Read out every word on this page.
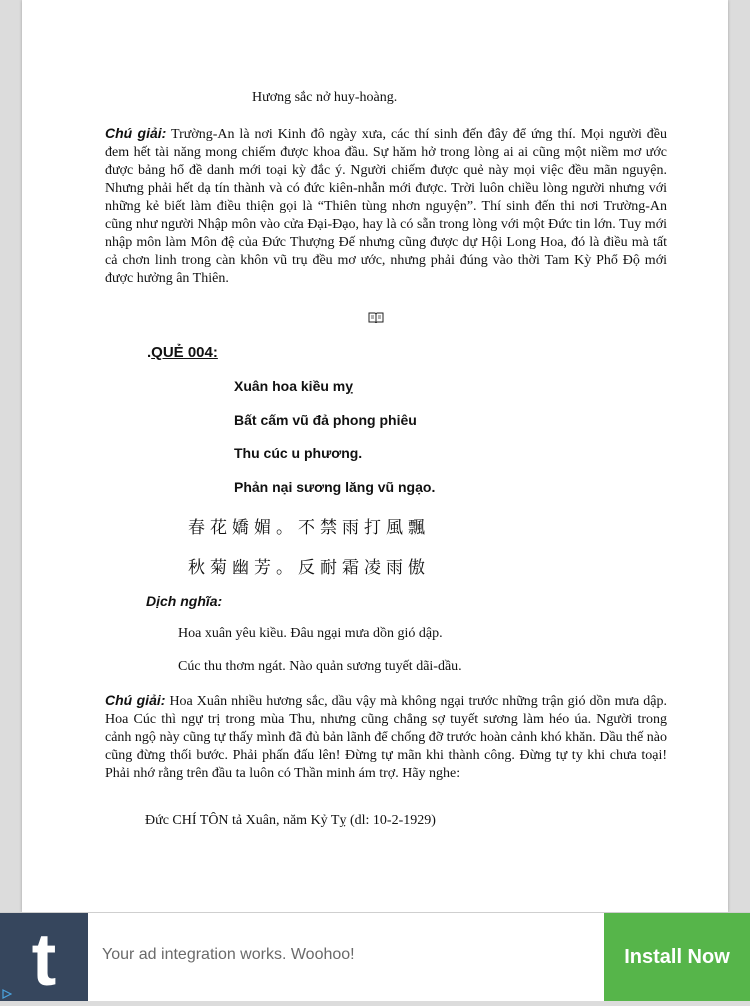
Hương sắc nở huy-hoàng.
Chú giải: Trường-An là nơi Kinh đô ngày xưa, các thí sinh đến đây để ứng thí. Mọi người đều đem hết tài năng mong chiếm được khoa đầu. Sự hăm hở trong lòng ai ai cũng một niềm mơ ước được bảng hổ đề danh mới toại kỳ đắc ý. Người chiếm được quẻ này mọi việc đều mãn nguyện. Nhưng phải hết dạ tín thành và có đức kiên-nhẫn mới được. Trời luôn chiều lòng người nhưng với những kẻ biết làm điều thiện gọi là “Thiên tùng nhơn nguyện”. Thí sinh đến thi nơi Trường-An cũng như người Nhập môn vào cửa Đại-Đạo, hay là có sẵn trong lòng với một Đức tin lớn. Tuy mới nhập môn làm Môn đệ của Đức Thượng Đế nhưng cũng được dự Hội Long Hoa, đó là điều mà tất cả chơn linh trong càn khôn vũ trụ đều mơ ước, nhưng phải đúng vào thời Tam Kỳ Phổ Độ mới được hưởng ân Thiên.
.QUẺ 004:
Xuân hoa kiều mỵ
Bất cấm vũ đả phong phiêu
Thu cúc u phương.
Phản nại sương lăng vũ ngạo.
春花嬌媚。不禁雨打風飄
秋菊幽芳。反耐霜凌雨傲
Dịch nghĩa:
Hoa xuân yêu kiều. Đâu ngại mưa dồn gió dập.
Cúc thu thơm ngát. Nào quản sương tuyết dãi-dầu.
Chú giải: Hoa Xuân nhiều hương sắc, dầu vậy mà không ngại trước những trận gió dồn mưa dập. Hoa Cúc thì ngự trị trong mùa Thu, nhưng cũng chẳng sợ tuyết sương làm héo úa. Người trong cảnh ngộ này cũng tự thấy mình đã đủ bản lãnh để chống đỡ trước hoàn cảnh khó khăn. Dầu thế nào cũng đừng thối bước. Phải phấn đấu lên! Đừng tự mãn khi thành công. Đừng tự ty khi chưa toại! Phải nhớ rằng trên đầu ta luôn có Thần minh ám trợ. Hãy nghe:
Đức CHÍ TÔN tả Xuân, năm Kỷ Tỵ (dl: 10-2-1929)
t	Your ad integration works. Woohoo!	Install Now
